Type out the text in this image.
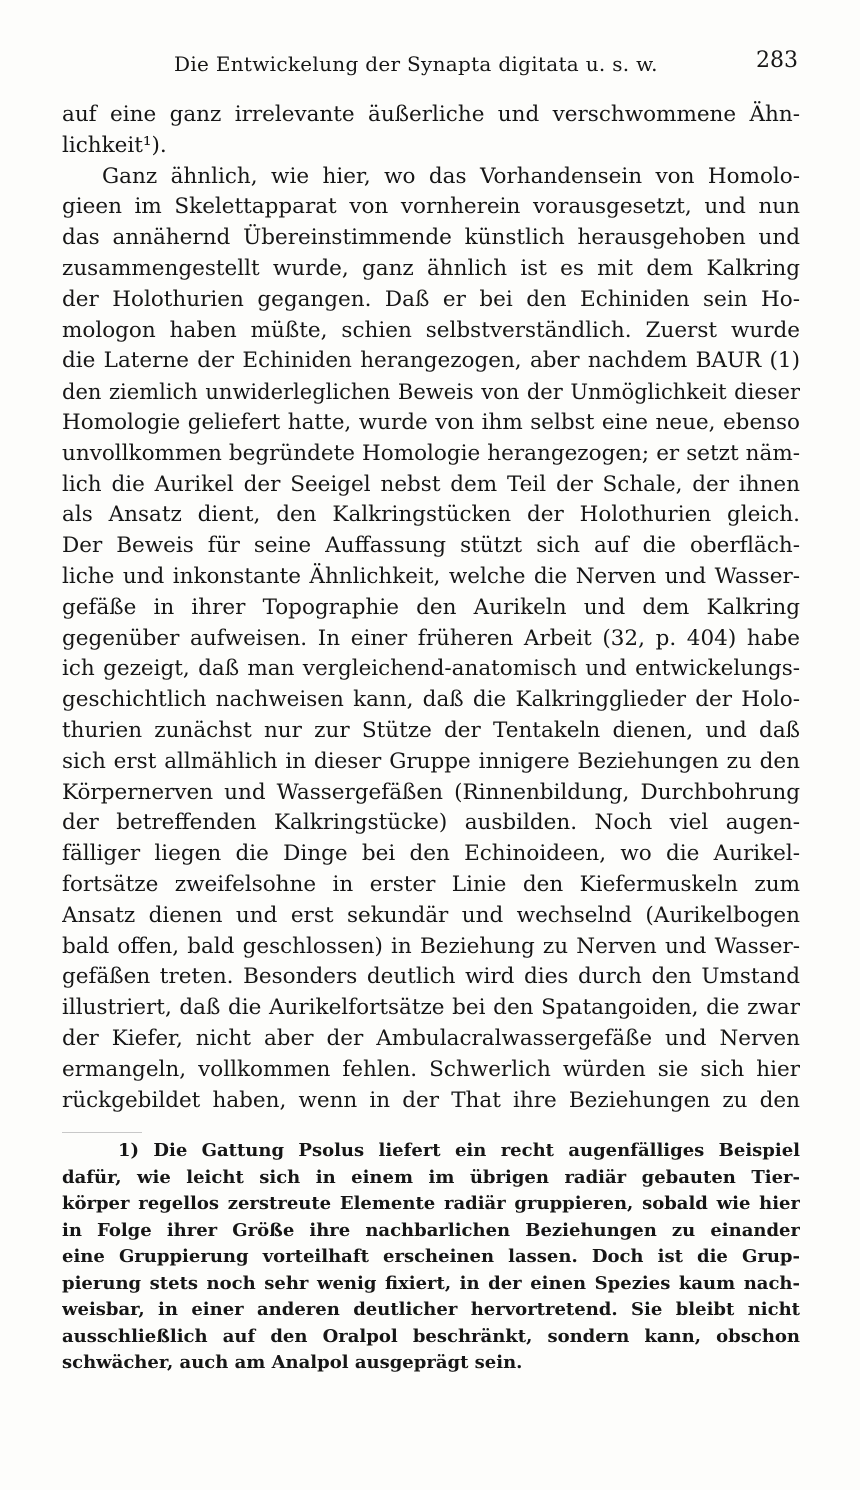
Die Entwickelung der Synapta digitata u. s. w.	283
auf eine ganz irrelevante äußerliche und verschwommene Ähn-
lichkeit¹).
Ganz ähnlich, wie hier, wo das Vorhandensein von Homolo-
gieen im Skelettapparat von vornherein vorausgesetzt, und nun
das annähernd Übereinstimmende künstlich herausgehoben und
zusammengestellt wurde, ganz ähnlich ist es mit dem Kalkring
der Holothurien gegangen. Daß er bei den Echiniden sein Ho-
mologon haben müßte, schien selbstverständlich. Zuerst wurde
die Laterne der Echiniden herangezogen, aber nachdem BAUR (1)
den ziemlich unwiderleglichen Beweis von der Unmöglichkeit dieser
Homologie geliefert hatte, wurde von ihm selbst eine neue, ebenso
unvollkommen begründete Homologie herangezogen; er setzt näm-
lich die Aurikel der Seeigel nebst dem Teil der Schale, der ihnen
als Ansatz dient, den Kalkringstücken der Holothurien gleich.
Der Beweis für seine Auffassung stützt sich auf die oberfläch-
liche und inkonstante Ähnlichkeit, welche die Nerven und Wasser-
gefäße in ihrer Topographie den Aurikeln und dem Kalkring
gegenüber aufweisen. In einer früheren Arbeit (32, p. 404) habe
ich gezeigt, daß man vergleichend-anatomisch und entwickelungs-
geschichtlich nachweisen kann, daß die Kalkringglieder der Holo-
thurien zunächst nur zur Stütze der Tentakeln dienen, und daß
sich erst allmählich in dieser Gruppe innigere Beziehungen zu den
Körpernerven und Wassergefäßen (Rinnenbildung, Durchbohrung
der betreffenden Kalkringstücke) ausbilden. Noch viel augen-
fälliger liegen die Dinge bei den Echinoideen, wo die Aurikel-
fortsätze zweifelsohne in erster Linie den Kiefermuskeln zum
Ansatz dienen und erst sekundär und wechselnd (Aurikelbogen
bald offen, bald geschlossen) in Beziehung zu Nerven und Wasser-
gefäßen treten. Besonders deutlich wird dies durch den Umstand
illustriert, daß die Aurikelfortsätze bei den Spatangoiden, die zwar
der Kiefer, nicht aber der Ambulacralwassergefäße und Nerven
ermangeln, vollkommen fehlen. Schwerlich würden sie sich hier
rückgebildet haben, wenn in der That ihre Beziehungen zu den
1) Die Gattung Psolus liefert ein recht augenfälliges Beispiel
dafür, wie leicht sich in einem im übrigen radiär gebauten Tier-
körper regellos zerstreute Elemente radiär gruppieren, sobald wie hier
in Folge ihrer Größe ihre nachbarlichen Beziehungen zu einander
eine Gruppierung vorteilhaft erscheinen lassen. Doch ist die Grup-
pierung stets noch sehr wenig fixiert, in der einen Spezies kaum nach-
weisbar, in einer anderen deutlicher hervortretend. Sie bleibt nicht
ausschließlich auf den Oralpol beschränkt, sondern kann, obschon
schwächer, auch am Analpol ausgeprägt sein.
